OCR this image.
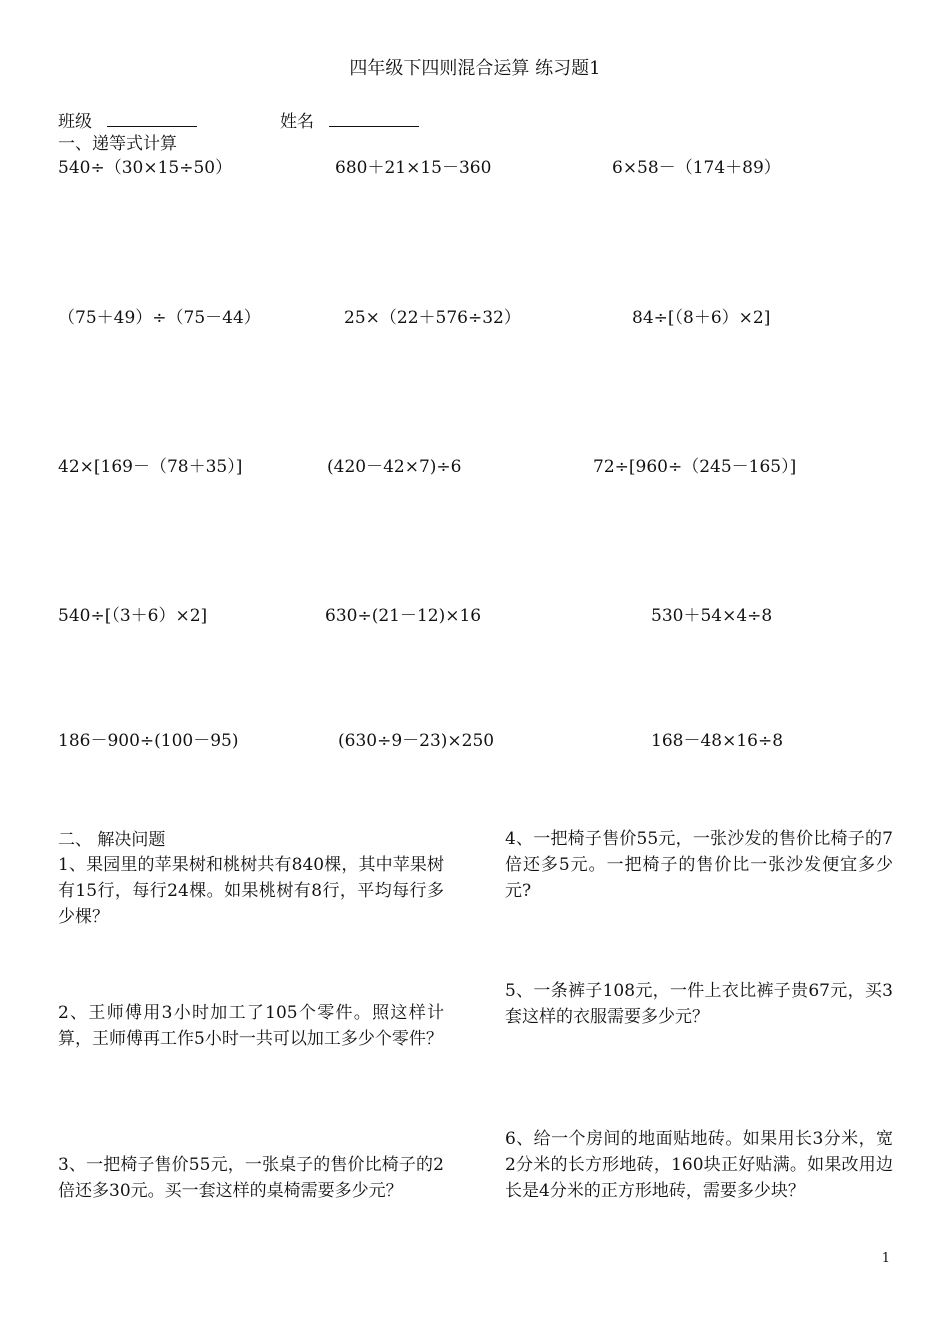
四年级下四则混合运算 练习题1
班级	姓名
一、递等式计算
540÷（30×15÷50）	680＋21×15－360	6×58－（174＋89）
（75＋49）÷（75－44）	25×（22＋576÷32）	84÷[（8＋6）×2]
42×[169－（78＋35）]	(420－42×7)÷6	72÷[960÷（245－165）]
540÷[（3＋6）×2]	630÷(21－12)×16	530＋54×4÷8
186－900÷(100－95)	(630÷9－23)×250	168－48×16÷8
二、 解决问题
1、果园里的苹果树和桃树共有840棵，其中苹果树有15行，每行24棵。如果桃树有8行，平均每行多少棵？
2、王师傅用3小时加工了105个零件。照这样计算，王师傅再工作5小时一共可以加工多少个零件？
3、一把椅子售价55元，一张桌子的售价比椅子的2倍还多30元。买一套这样的桌椅需要多少元？
4、一把椅子售价55元，一张沙发的售价比椅子的7倍还多5元。一把椅子的售价比一张沙发便宜多少元?
5、一条裤子108元，一件上衣比裤子贵67元，买3套这样的衣服需要多少元？
6、给一个房间的地面贴地砖。如果用长3分米，宽2分米的长方形地砖，160块正好贴满。如果改用边长是4分米的正方形地砖，需要多少块？
1
